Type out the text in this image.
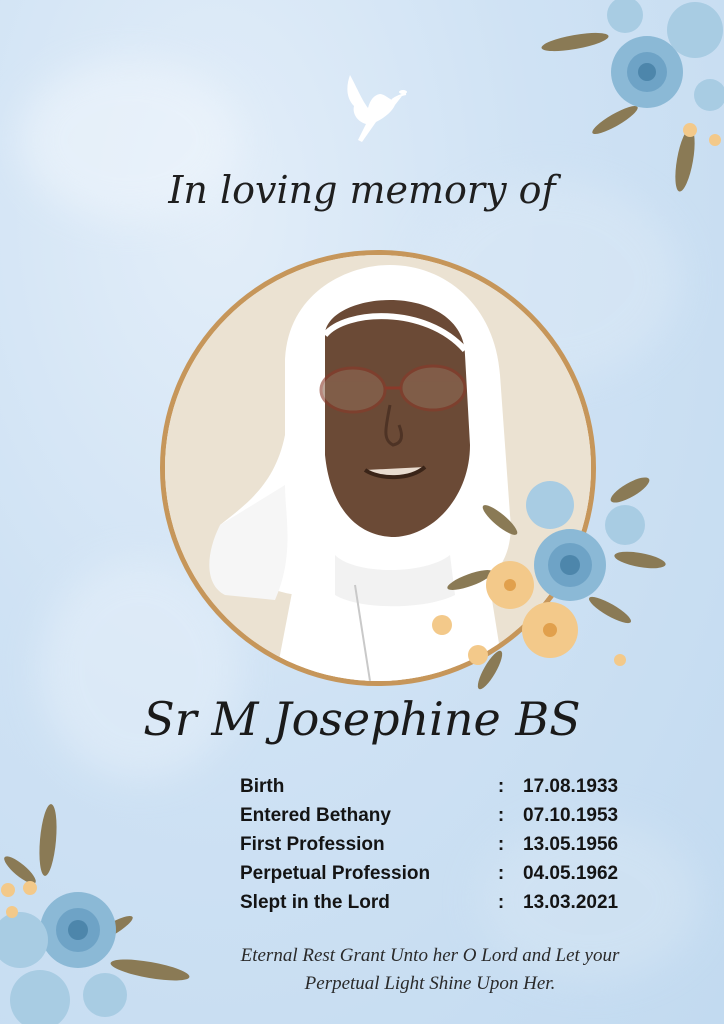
In loving memory of
Sr M Josephine BS
Birth	: 17.08.1933
Entered Bethany	: 07.10.1953
First Profession	: 13.05.1956
Perpetual Profession	: 04.05.1962
Slept in the Lord	: 13.03.2021
Eternal Rest Grant Unto her O Lord and Let your
Perpetual Light Shine Upon Her.
